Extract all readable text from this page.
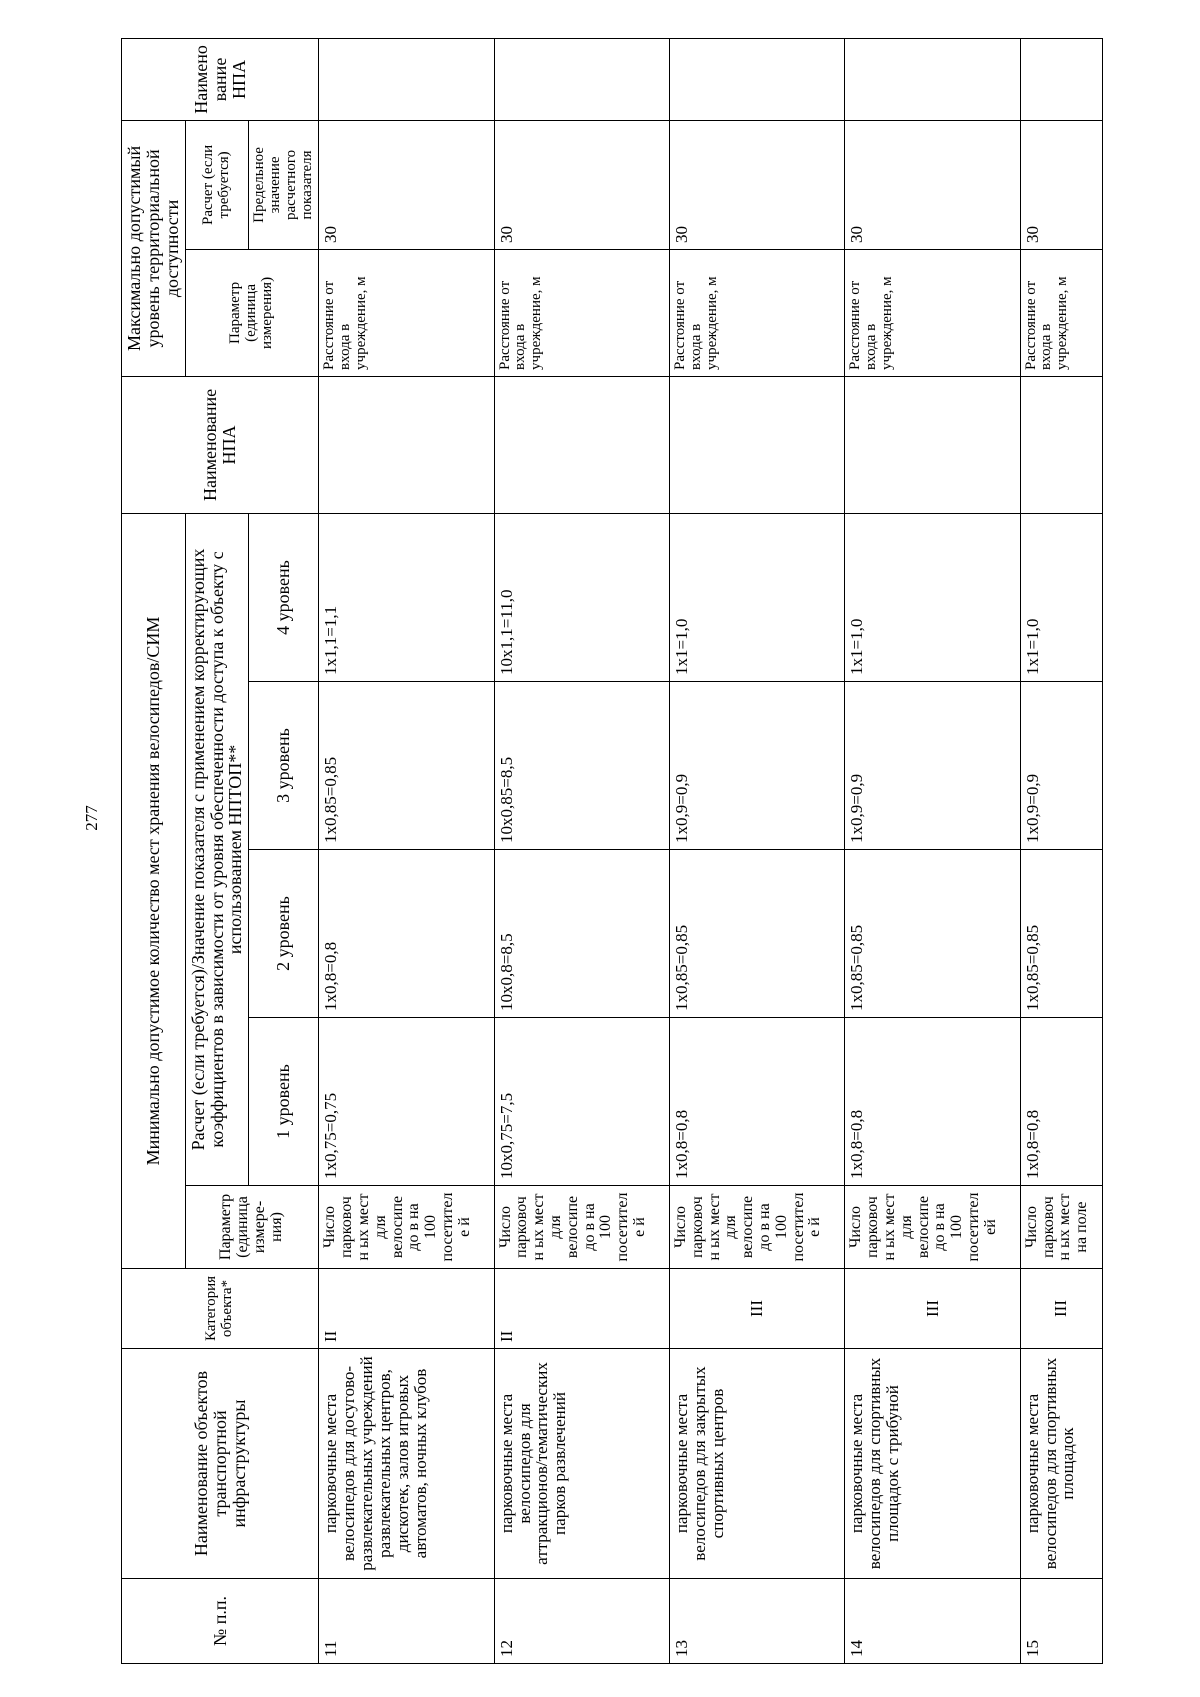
277
№ п.п.	Наименование объектов транспортной инфраструктуры	Категория объекта*	Минимально допустимое количество мест хранения велосипедов/СИМ					Наименование НПА	Максимально допустимый уровень территориальной доступности		Наименование НПА
			Параметр (единица измере-ния)	Расчет (если требуется)/Значение показателя с применением корректирующих коэффициентов в зависимости от уровня обеспеченности доступа к объекту с использованием НПТОП**					Параметр (единица измерения)	Расчет (если требуется)	
				1 уровень	2 уровень	3 уровень	4 уровень			Предельное значение расчетного показателя	
11	парковочные места велосипедов для досугово-развлекательных учреждений развлекательных центров, дискотек, залов игровых автоматов, ночных клубов	II	Число парковочн ых мест для велосипедо в на 100 посетителе й	1х0,75=0,75	1х0,8=0,8	1х0,85=0,85	1х1,1=1,1		Расстояние от входа в учреждение, м	30	
12	парковочные места велосипедов для аттракционов/тематических парков развлечений	II	Число парковочн ых мест для велосипедо в на 100 посетителе й	10х0,75=7,5	10х0,8=8,5	10х0,85=8,5	10х1,1=11,0		Расстояние от входа в учреждение, м	30	
13	парковочные места велосипедов для закрытых спортивных центров	III	Число парковочн ых мест для велосипедо в на 100 посетителе й	1х0,8=0,8	1х0,85=0,85	1х0,9=0,9	1х1=1,0		Расстояние от входа в учреждение, м	30	
14	парковочные места велосипедов для спортивных площадок с трибуной	III	Число парковочн ых мест для велосипедо в на 100 посетителей	1х0,8=0,8	1х0,85=0,85	1х0,9=0,9	1х1=1,0		Расстояние от входа в учреждение, м	30	
15	парковочные места велосипедов для спортивных площадок	III	Число парковочн ых мест на поле	1х0,8=0,8	1х0,85=0,85	1х0,9=0,9	1х1=1,0		Расстояние от входа в учреждение, м	30	
